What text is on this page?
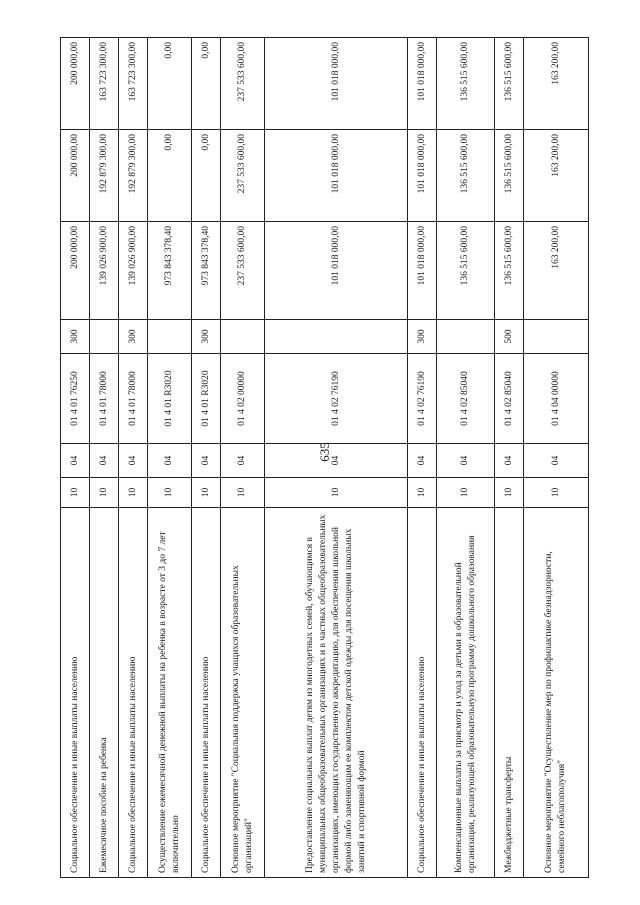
635
Социальное обеспечение и иные выплаты населению	10	04	01 4 01 76250	300	200 000,00	200 000,00	200 000,00
Ежемесячное пособие на ребенка	10	04	01 4 01 78000		139 026 900,00	192 879 300,00	163 723 300,00
Социальное обеспечение и иные выплаты населению	10	04	01 4 01 78000	300	139 026 900,00	192 879 300,00	163 723 300,00
Осуществление ежемесячной денежной выплаты на ребенка в возрасте от 3 до 7 лет включительно	10	04	01 4 01 R3020		973 843 378,40	0,00	0,00
Социальное обеспечение и иные выплаты населению	10	04	01 4 01 R3020	300	973 843 378,40	0,00	0,00
Основное мероприятие "Социальная поддержка учащихся образовательных организаций"	10	04	01 4 02 00000		237 533 600,00	237 533 600,00	237 533 600,00
Предоставление социальных выплат детям из многодетных семей, обучающимся в муниципальных общеобразовательных организациях и в частных общеобразовательных организациях, имеющих государственную аккредитацию, для обеспечения школьной формой либо заменяющим ее комплектом детской одежды для посещения школьных занятий и спортивной формой	10	04	01 4 02 76190		101 018 000,00	101 018 000,00	101 018 000,00
Социальное обеспечение и иные выплаты населению	10	04	01 4 02 76190	300	101 018 000,00	101 018 000,00	101 018 000,00
Компенсационные выплаты за присмотр и уход за детьми в образовательной организации, реализующей образовательную программу дошкольного образования	10	04	01 4 02 85040		136 515 600,00	136 515 600,00	136 515 600,00
Межбюджетные трансферты	10	04	01 4 02 85040	500	136 515 600,00	136 515 600,00	136 515 600,00
Основное мероприятие "Осуществление мер по профилактике безнадзорности, семейного неблагополучия"	10	04	01 4 04 00000		163 200,00	163 200,00	163 200,00
